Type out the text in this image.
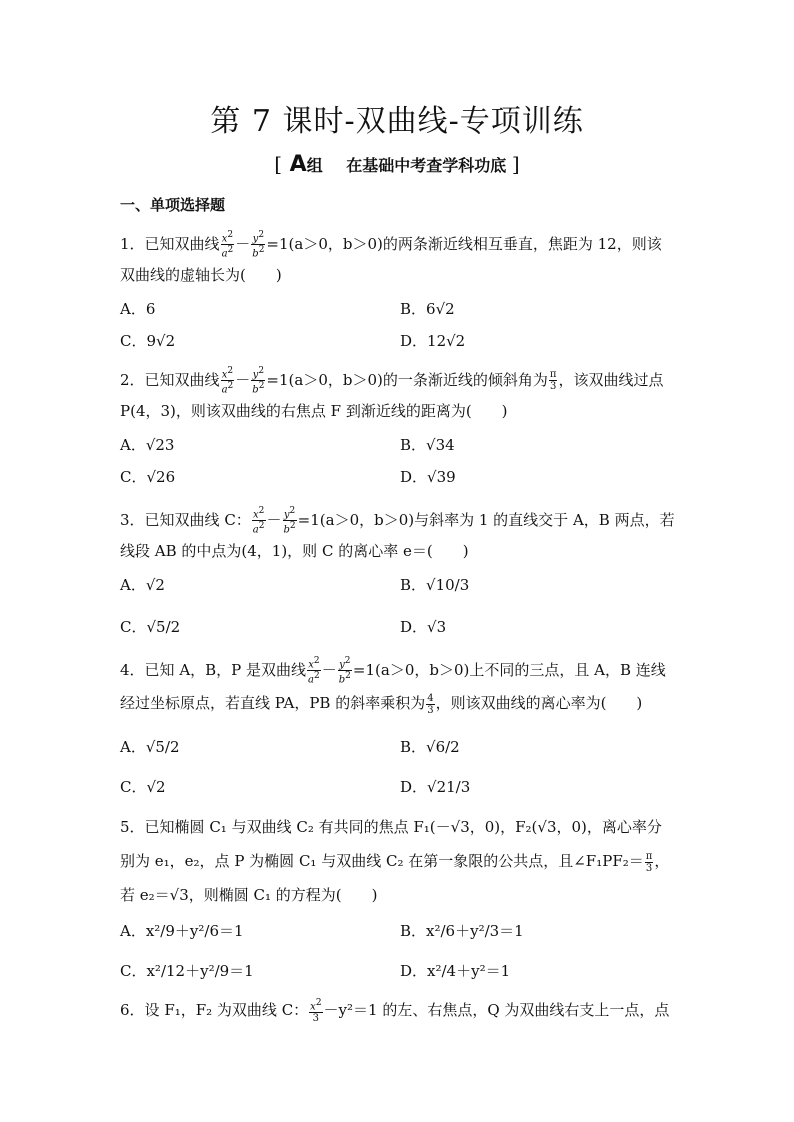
第 7 课时-双曲线-专项训练
[ A组 在基础中考查学科功底 ]
一、单项选择题
1．已知双曲线 $\frac{x^2}{a^2} - \frac{y^2}{b^2} =1(a>0$，b＞0)的两条渐近线相互垂直，焦距为 12，则该
双曲线的虚轴长为(　　)
A．6	B．6√2
C．9√2	D．12√2
2．已知双曲线 $\frac{x^2}{a^2} - \frac{y^2}{b^2} =1(a>0$，b＞0)的一条渐近线的倾斜角为 $\frac{\pi}{3}$ ，该双曲线过点
P(4，3)，则该双曲线的右焦点 F 到渐近线的距离为(　　)
A．√23	B．√34
C．√26	D．√39
3．已知双曲线 C： $\frac{x^2}{a^2} - \frac{y^2}{b^2} =1(a>0$，b＞0)与斜率为 1 的直线交于 A，B 两点，若
线段 AB 的中点为(4，1)，则 C 的离心率 e＝(　　)
A．√2	B．√10/3
C．√5/2	D．√3
4．已知 A，B，P 是双曲线 $\frac{x^2}{a^2} - \frac{y^2}{b^2} =1(a>0$，b＞0)上不同的三点，且 A，B 连线
经过坐标原点，若直线 PA，PB 的斜率乘积为 $\frac{4}{3}$ ，则该双曲线的离心率为(　　)
A．√5/2	B．√6/2
C．√2	D．√21/3
5．已知椭圆 C₁ 与双曲线 C₂ 有共同的焦点 F₁(－√3，0)，F₂(√3，0)，离心率分
别为 e₁，e₂，点 P 为椭圆 C₁ 与双曲线 C₂ 在第一象限的公共点，且∠F₁PF₂＝ $\frac{\pi}{3}$ ，
若 e₂＝√3，则椭圆 C₁ 的方程为(　　)
A．x²/9＋y²/6＝1	B．x²/6＋y²/3＝1
C．x²/12＋y²/9＝1	D．x²/4＋y²＝1
6．设 F₁，F₂ 为双曲线 C： $\frac{x^2}{3} -y^2=1$ 的左、右焦点，Q 为双曲线右支上一点，点
